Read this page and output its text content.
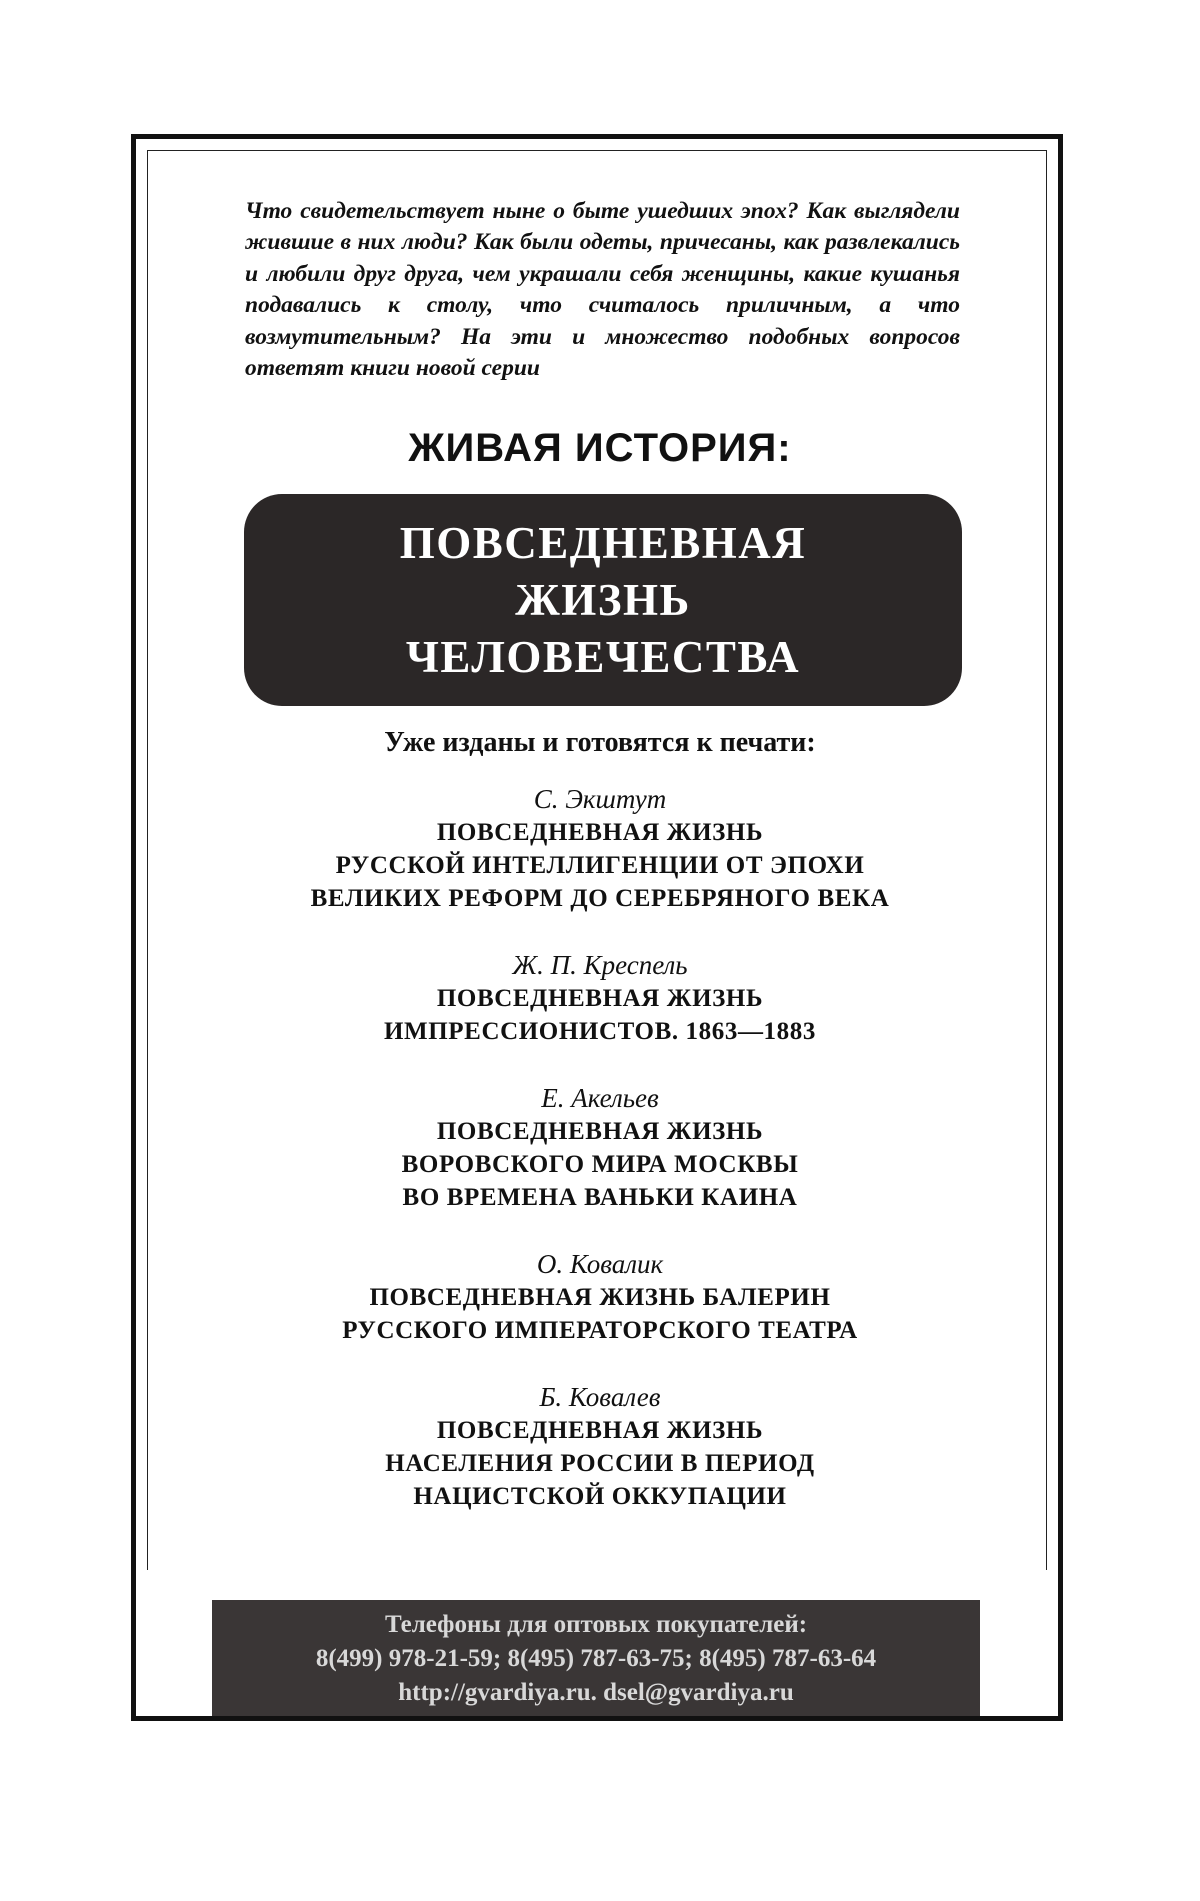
Что свидетельствует ныне о быте ушедших эпох? Как выглядели жившие в них люди? Как были одеты, причесаны, как развлекались и любили друг друга, чем украшали себя женщины, какие кушанья подавались к столу, что считалось приличным, а что возмутительным? На эти и множество подобных вопросов ответят книги новой серии

ЖИВАЯ ИСТОРИЯ:

ПОВСЕДНЕВНАЯ
ЖИЗНЬ
ЧЕЛОВЕЧЕСТВА

Уже изданы и готовятся к печати:
С. Экштут
ПОВСЕДНЕВНАЯ ЖИЗНЬ
РУССКОЙ ИНТЕЛЛИГЕНЦИИ ОТ ЭПОХИ
ВЕЛИКИХ РЕФОРМ ДО СЕРЕБРЯНОГО ВЕКА
Ж. П. Креспель
ПОВСЕДНЕВНАЯ ЖИЗНЬ
ИМПРЕССИОНИСТОВ. 1863—1883
Е. Акельев
ПОВСЕДНЕВНАЯ ЖИЗНЬ
ВОРОВСКОГО МИРА МОСКВЫ
ВО ВРЕМЕНА ВАНЬКИ КАИНА
О. Ковалик
ПОВСЕДНЕВНАЯ ЖИЗНЬ БАЛЕРИН
РУССКОГО ИМПЕРАТОРСКОГО ТЕАТРА
Б. Ковалев
ПОВСЕДНЕВНАЯ ЖИЗНЬ
НАСЕЛЕНИЯ РОССИИ В ПЕРИОД
НАЦИСТСКОЙ ОККУПАЦИИ
Телефоны для оптовых покупателей:
8(499) 978-21-59; 8(495) 787-63-75; 8(495) 787-63-64
http://gvardiya.ru. dsel@gvardiya.ru
